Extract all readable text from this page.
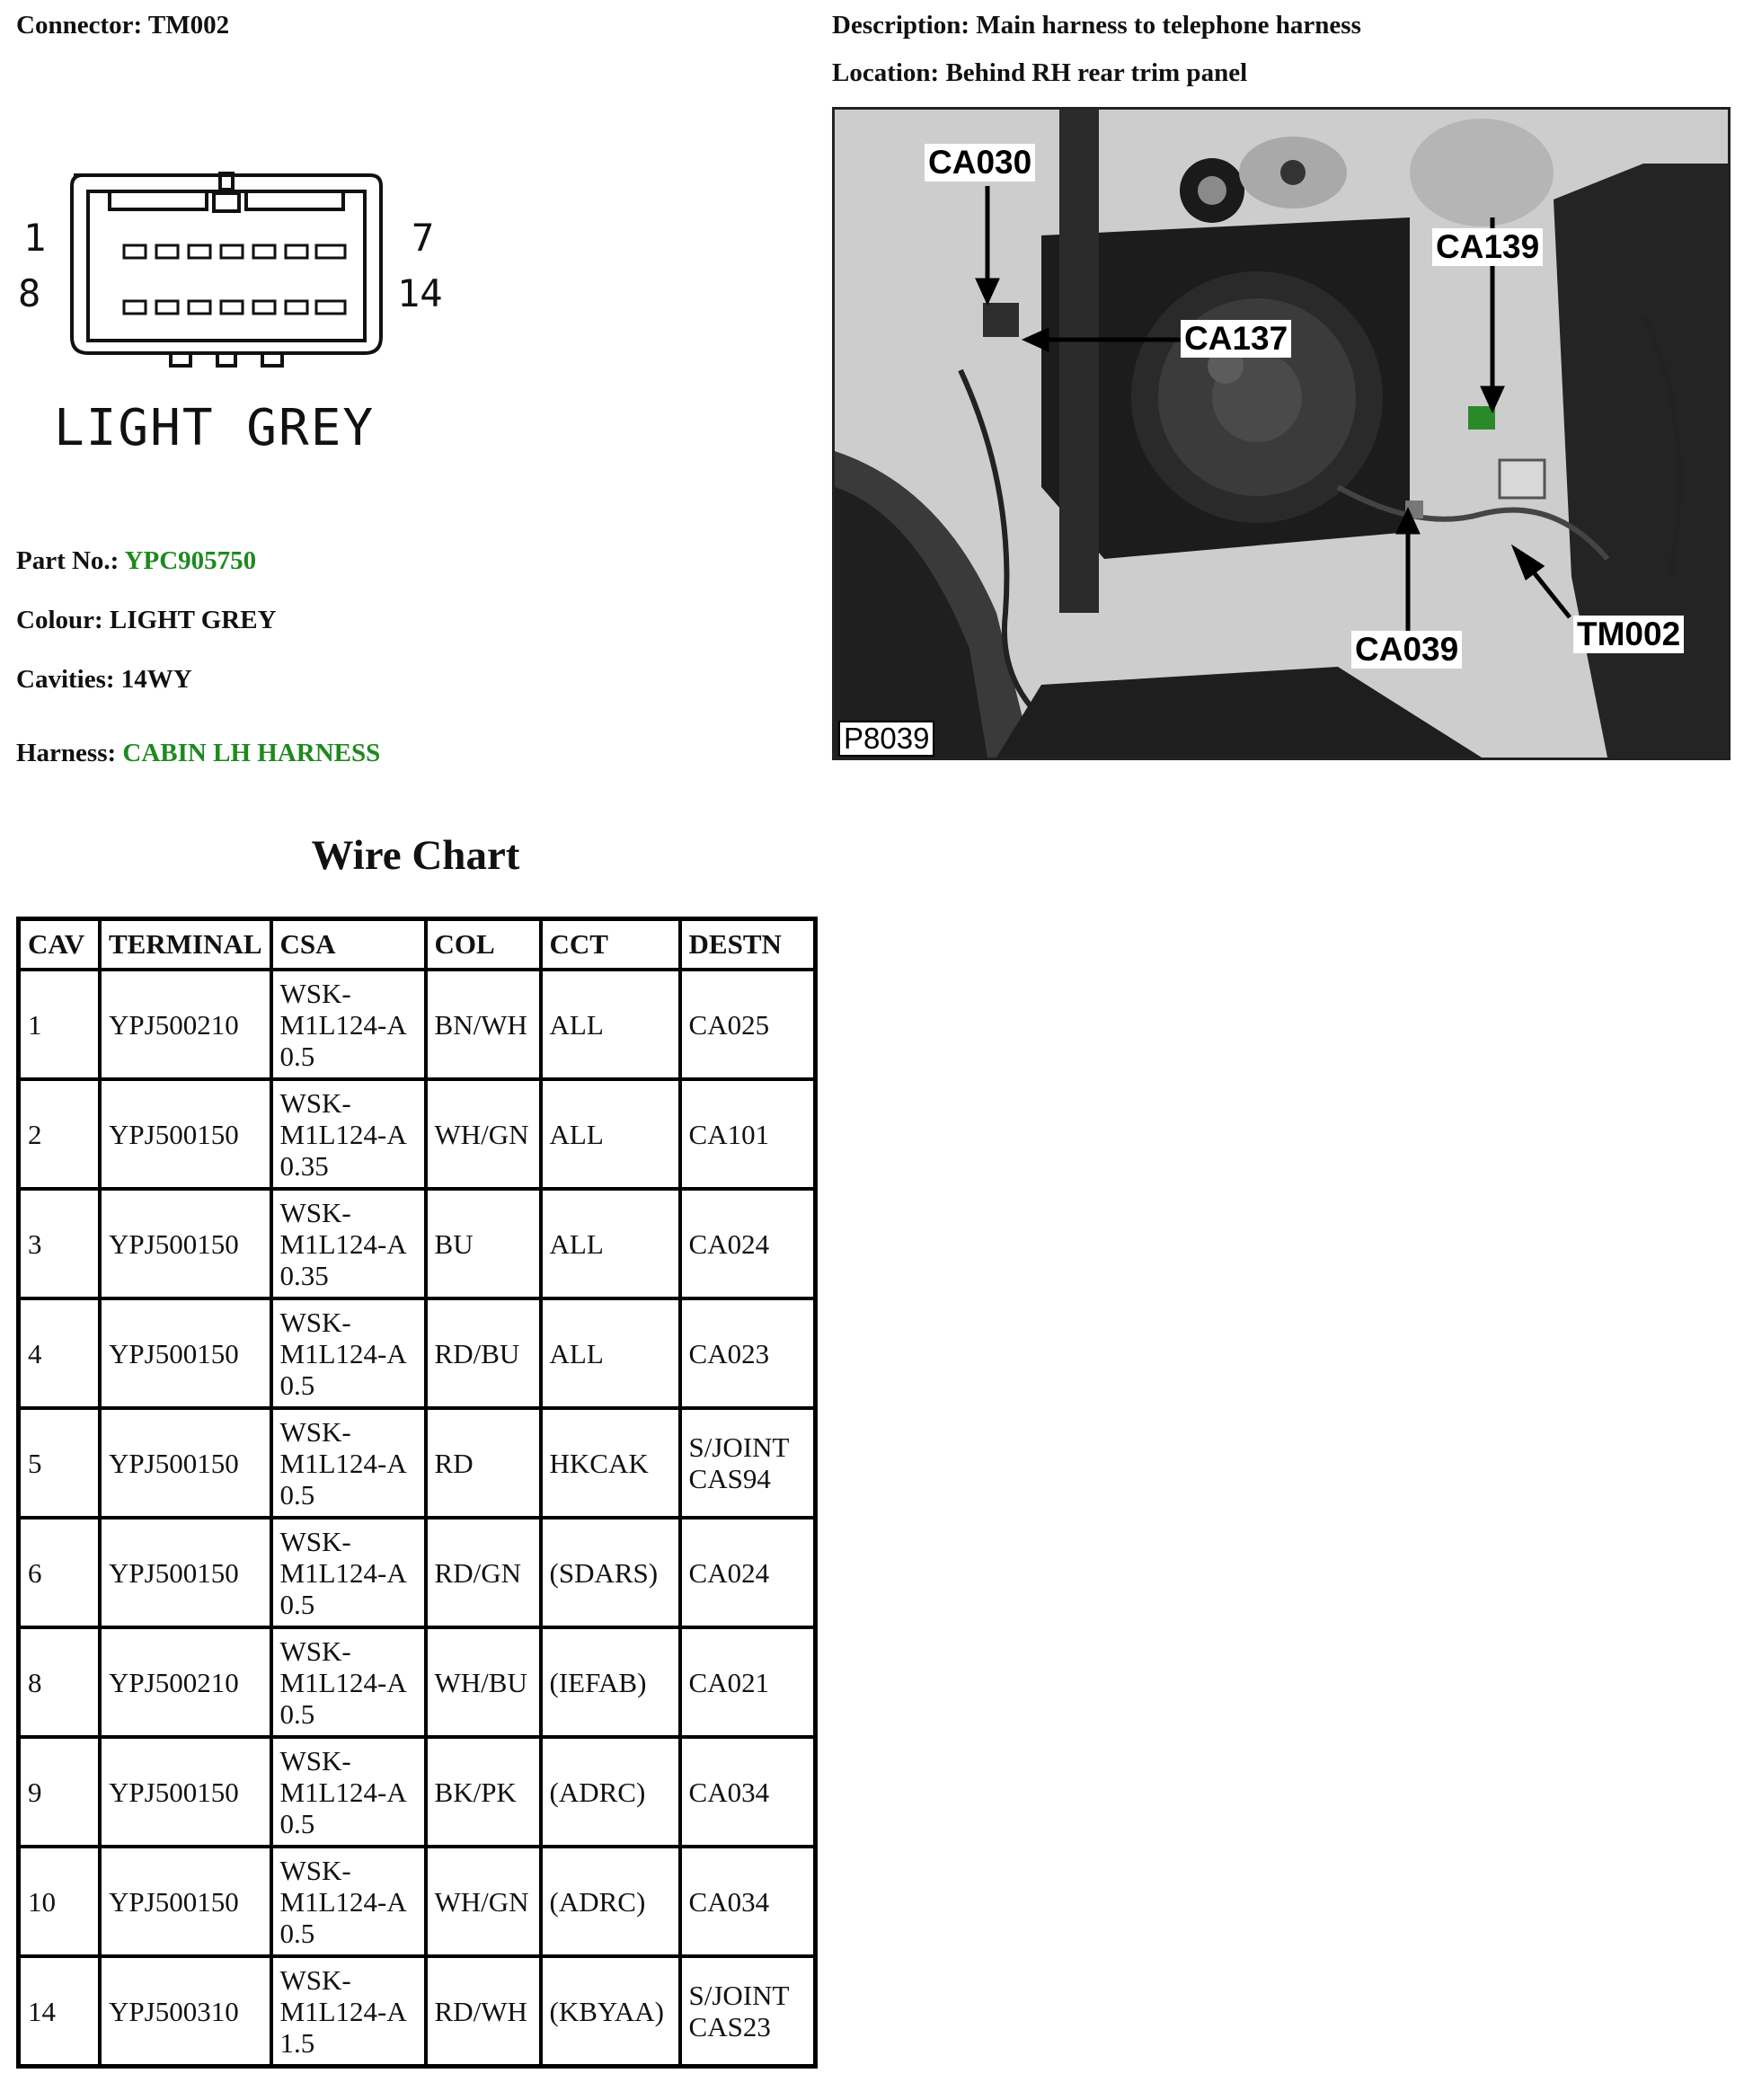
Connector: TM002	Description: Main harness to telephone harness
Location: Behind RH rear trim panel
1
8
7
14
LIGHT GREY
Part No.: YPC905750
Colour: LIGHT GREY
Cavities: 14WY
Harness: CABIN LH HARNESS
CA030
CA137
CA139
CA039	TM002
P8039
Wire Chart
CAV	TERMINAL	CSA	COL	CCT	DESTN
1	YPJ500210	WSK-
M1L124-A
0.5	BN/WH	ALL	CA025

2	YPJ500150	WSK-
M1L124-A
0.35	WH/GN	ALL	CA101

3	YPJ500150	WSK-
M1L124-A
0.35	BU	ALL	CA024

4	YPJ500150	WSK-
M1L124-A
0.5	RD/BU	ALL	CA023

5	YPJ500150	WSK-
M1L124-A
0.5	RD	HKCAK	S/JOINT
CAS94

6	YPJ500150	WSK-
M1L124-A
0.5	RD/GN	(SDARS)	CA024

8	YPJ500210	WSK-
M1L124-A
0.5	WH/BU	(IEFAB)	CA021

9	YPJ500150	WSK-
M1L124-A
0.5	BK/PK	(ADRC)	CA034

10	YPJ500150	WSK-
M1L124-A
0.5	WH/GN	(ADRC)	CA034

14	YPJ500310	WSK-
M1L124-A
1.5	RD/WH	(KBYAA)	S/JOINT
CAS23
